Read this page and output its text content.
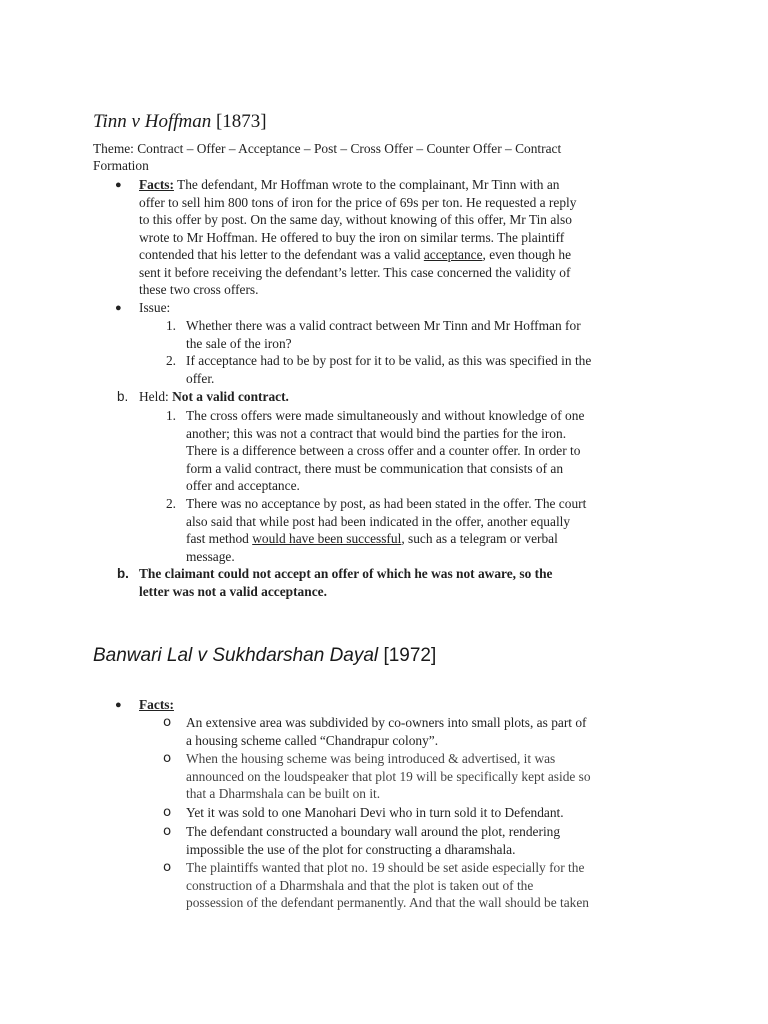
Tinn v Hoffman [1873]
Theme: Contract – Offer – Acceptance – Post – Cross Offer – Counter Offer – Contract
Formation
● Facts: The defendant, Mr Hoffman wrote to the complainant, Mr Tinn with an
offer to sell him 800 tons of iron for the price of 69s per ton. He requested a reply
to this offer by post. On the same day, without knowing of this offer, Mr Tin also
wrote to Mr Hoffman. He offered to buy the iron on similar terms. The plaintiff
contended that his letter to the defendant was a valid acceptance, even though he
sent it before receiving the defendant’s letter. This case concerned the validity of
these two cross offers.
● Issue:
1. Whether there was a valid contract between Mr Tinn and Mr Hoffman for
the sale of the iron?
2. If acceptance had to be by post for it to be valid, as this was specified in the
offer.
b. Held: Not a valid contract.
1. The cross offers were made simultaneously and without knowledge of one
another; this was not a contract that would bind the parties for the iron.
There is a difference between a cross offer and a counter offer. In order to
form a valid contract, there must be communication that consists of an
offer and acceptance.
2. There was no acceptance by post, as had been stated in the offer. The court
also said that while post had been indicated in the offer, another equally
fast method would have been successful, such as a telegram or verbal
message.
b. The claimant could not accept an offer of which he was not aware, so the
letter was not a valid acceptance.
Banwari Lal v Sukhdarshan Dayal [1972]
● Facts:
o An extensive area was subdivided by co-owners into small plots, as part of
a housing scheme called “Chandrapur colony”.
o When the housing scheme was being introduced & advertised, it was
announced on the loudspeaker that plot 19 will be specifically kept aside so
that a Dharmshala can be built on it.
o Yet it was sold to one Manohari Devi who in turn sold it to Defendant.
o The defendant constructed a boundary wall around the plot, rendering
impossible the use of the plot for constructing a dharamshala.
o The plaintiffs wanted that plot no. 19 should be set aside especially for the
construction of a Dharmshala and that the plot is taken out of the
possession of the defendant permanently. And that the wall should be taken
